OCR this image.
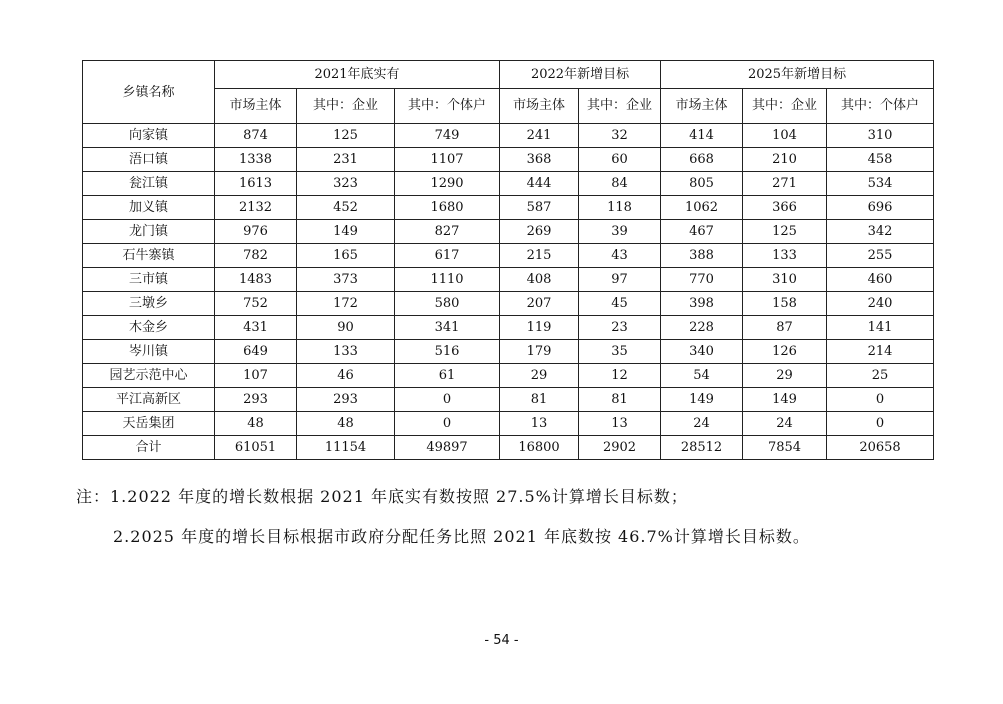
乡镇名称	2021年底实有			2022年新增目标		2025年新增目标		
	市场主体	其中：企业	其中：个体户	市场主体	其中：企业	市场主体	其中：企业	其中：个体户
向家镇	874	125	749	241	32	414	104	310
浯口镇	1338	231	1107	368	60	668	210	458
瓮江镇	1613	323	1290	444	84	805	271	534
加义镇	2132	452	1680	587	118	1062	366	696
龙门镇	976	149	827	269	39	467	125	342
石牛寨镇	782	165	617	215	43	388	133	255
三市镇	1483	373	1110	408	97	770	310	460
三墩乡	752	172	580	207	45	398	158	240
木金乡	431	90	341	119	23	228	87	141
岑川镇	649	133	516	179	35	340	126	214
园艺示范中心	107	46	61	29	12	54	29	25
平江高新区	293	293	0	81	81	149	149	0
天岳集团	48	48	0	13	13	24	24	0
合计	61051	11154	49897	16800	2902	28512	7854	20658
注：1.2022 年度的增长数根据 2021 年底实有数按照 27.5%计算增长目标数；
2.2025 年度的增长目标根据市政府分配任务比照 2021 年底数按 46.7%计算增长目标数。
- 54 -
